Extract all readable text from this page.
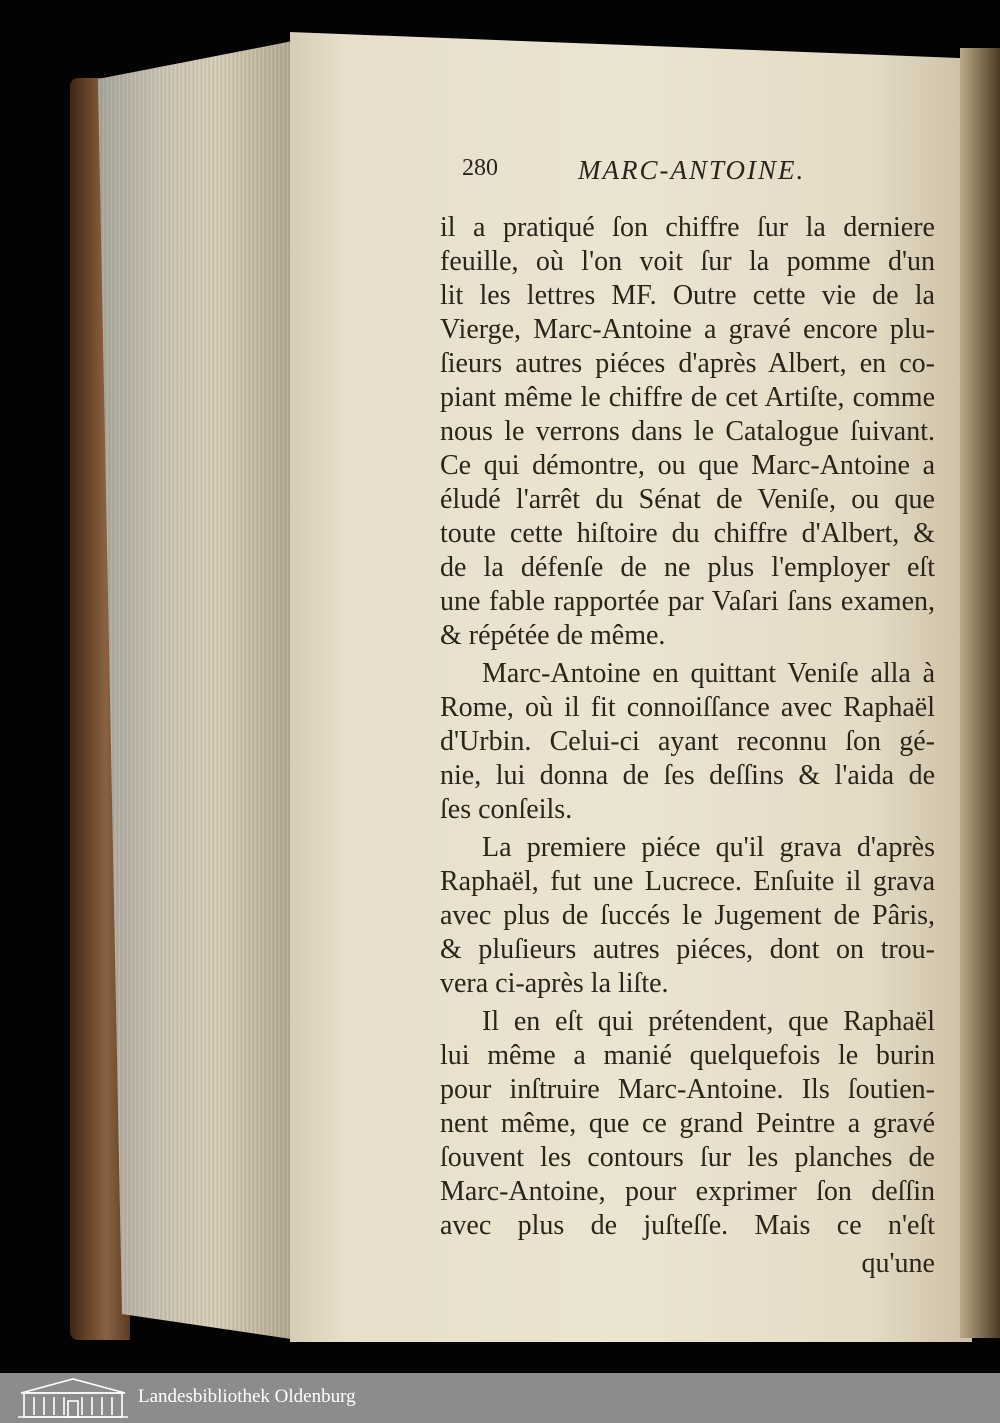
280	MARC-ANTOINE.
il a pratiqué ſon chiffre ſur la derniere
feuille, où l'on voit ſur la pomme d'un
lit les lettres MF. Outre cette vie de la
Vierge, Marc-Antoine a gravé encore plu-
ſieurs autres piéces d'après Albert, en co-
piant même le chiffre de cet Artiſte, comme
nous le verrons dans le Catalogue ſuivant.
Ce qui démontre, ou que Marc-Antoine a
éludé l'arrêt du Sénat de Veniſe, ou que
toute cette hiſtoire du chiffre d'Albert, &
de la défenſe de ne plus l'employer eſt
une fable rapportée par Vaſari ſans examen,
& répétée de même.
Marc-Antoine en quittant Veniſe alla à
Rome, où il fit connoiſſance avec Raphaël
d'Urbin. Celui-ci ayant reconnu ſon gé-
nie, lui donna de ſes deſſins & l'aida de
ſes conſeils.
La premiere piéce qu'il grava d'après
Raphaël, fut une Lucrece. Enſuite il grava
avec plus de ſuccés le Jugement de Pâris,
& pluſieurs autres piéces, dont on trou-
vera ci-après la liſte.
Il en eſt qui prétendent, que Raphaël
lui même a manié quelquefois le burin
pour inſtruire Marc-Antoine. Ils ſoutien-
nent même, que ce grand Peintre a gravé
ſouvent les contours ſur les planches de
Marc-Antoine, pour exprimer ſon deſſin
avec plus de juſteſſe. Mais ce n'eſt
qu'une
Landesbibliothek Oldenburg
